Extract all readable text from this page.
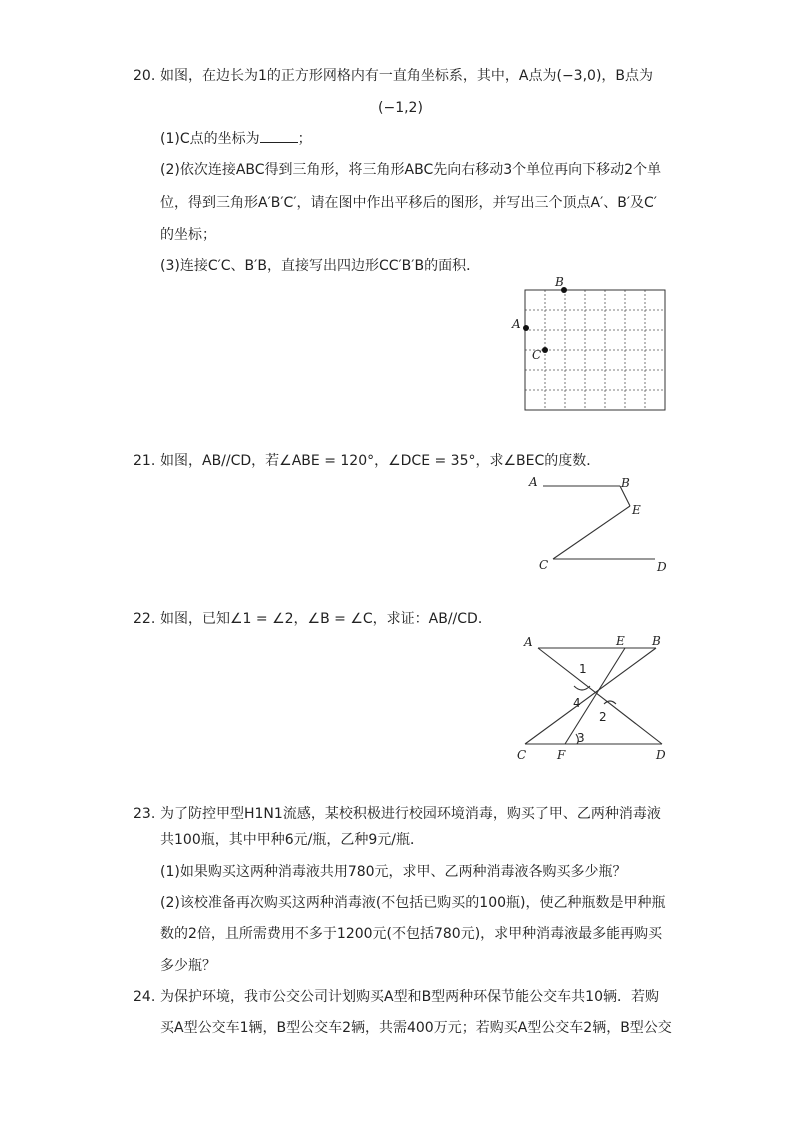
20. 如图，在边长为1的正方形网格内有一直角坐标系，其中，A点为(−3,0)，B点为
(−1,2)
(1)C点的坐标为	；
(2)依次连接ABC得到三角形，将三角形ABC先向右移动3个单位再向下移动2个单
位，得到三角形A′B′C′，请在图中作出平移后的图形，并写出三个顶点A′、B′及C′
的坐标；
(3)连接C′C、B′B，直接写出四边形CC′B′B的面积．
B
A
C
21. 如图，AB//CD，若∠ABE = 120°，∠DCE = 35°，求∠BEC的度数．
A	B
E
C	D
22. 如图，已知∠1 = ∠2，∠B = ∠C，求证：AB//CD．
A	E B
C	F	D
1
2
3
4
23. 为了防控甲型H1N1流感，某校积极进行校园环境消毒，购买了甲、乙两种消毒液
共100瓶，其中甲种6元/瓶，乙种9元/瓶．
(1)如果购买这两种消毒液共用780元，求甲、乙两种消毒液各购买多少瓶？
(2)该校准备再次购买这两种消毒液(不包括已购买的100瓶)，使乙种瓶数是甲种瓶
数的2倍，且所需费用不多于1200元(不包括780元)，求甲种消毒液最多能再购买
多少瓶？
24. 为保护环境，我市公交公司计划购买A型和B型两种环保节能公交车共10辆．若购
买A型公交车1辆，B型公交车2辆，共需400万元；若购买A型公交车2辆，B型公交
